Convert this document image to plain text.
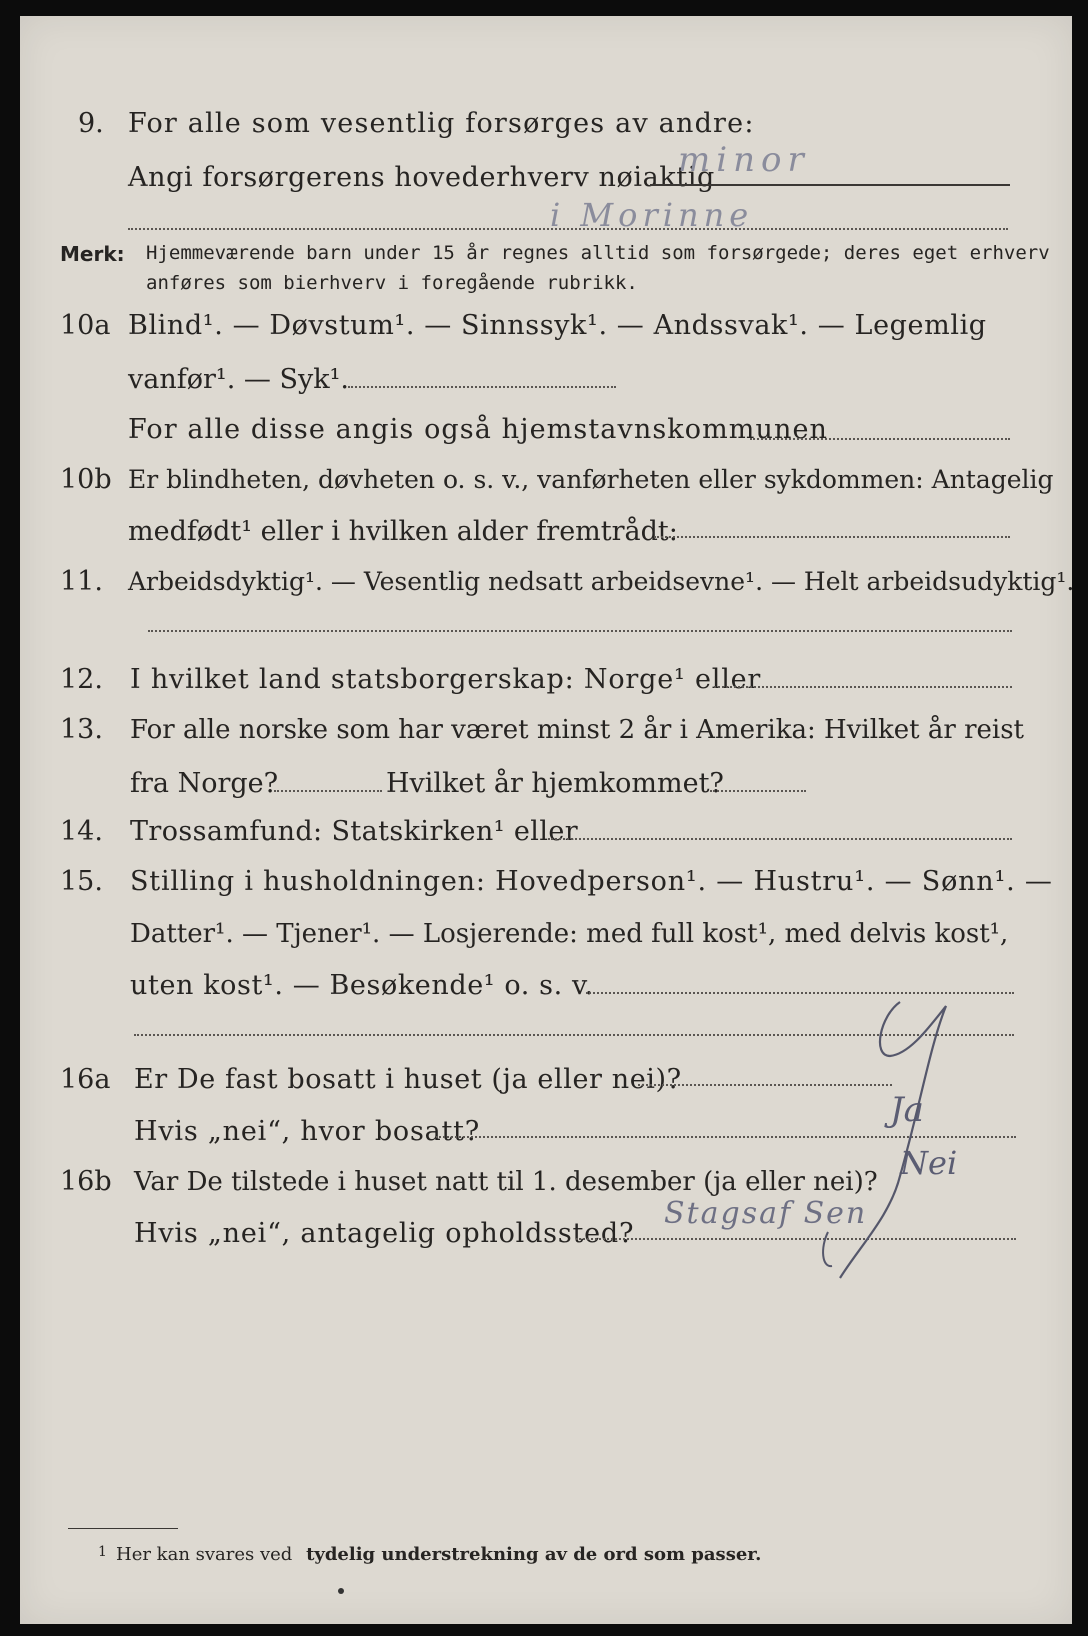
9. For alle som vesentlig forsørges av andre:
Angi forsørgerens hovederhverv nøiaktig
minor
i Morinne
Merk: Hjemmeværende barn under 15 år regnes alltid som forsørgede; deres eget erhverv
anføres som bierhverv i foregående rubrikk.
10a Blind¹. — Døvstum¹. — Sinnssyk¹. — Andssvak¹. — Legemlig
vanfør¹. — Syk¹.
For alle disse angis også hjemstavnskommunen
10b Er blindheten, døvheten o. s. v., vanførheten eller sykdommen: Antagelig
medfødt¹ eller i hvilken alder fremtrådt:
11. Arbeidsdyktig¹. — Vesentlig nedsatt arbeidsevne¹. — Helt arbeidsudyktig¹.
12. I hvilket land statsborgerskap: Norge¹ eller
13. For alle norske som har været minst 2 år i Amerika: Hvilket år reist
fra Norge?	Hvilket år hjemkommet?
14. Trossamfund: Statskirken¹ eller
15. Stilling i husholdningen: Hovedperson¹. — Hustru¹. — Sønn¹. —
Datter¹. — Tjener¹. — Losjerende: med full kost¹, med delvis kost¹,
uten kost¹. — Besøkende¹ o. s. v.
16a Er De fast bosatt i huset (ja eller nei)?
Hvis „nei“, hvor bosatt?
16b Var De tilstede i huset natt til 1. desember (ja eller nei)?
Hvis „nei“, antagelig opholdssted?
Ja
Nei
Stagsaf Sen
1 Her kan svares ved tydelig understrekning av de ord som passer.
